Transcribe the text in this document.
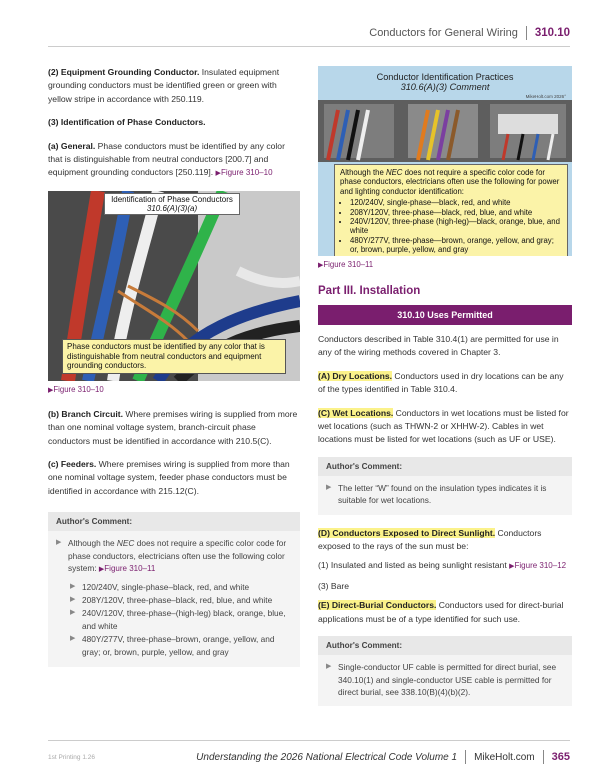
Conductors for General Wiring 310.10

(2) Equipment Grounding Conductor. Insulated equipment grounding conductors must be identified green or green with yellow stripe in accordance with 250.119.

(3) Identification of Phase Conductors.

(a) General. Phase conductors must be identified by any color that is distinguishable from neutral conductors [200.7] and equipment grounding conductors [250.119]. ▶Figure 310–10

Identification of Phase Conductors
310.6(A)(3)(a)
Phase conductors must be identified by any color that is distinguishable from neutral conductors and equipment grounding conductors.
▶Figure 310–10

(b) Branch Circuit. Where premises wiring is supplied from more than one nominal voltage system, branch-circuit phase conductors must be identified in accordance with 210.5(C).

(c) Feeders. Where premises wiring is supplied from more than one nominal voltage system, feeder phase conductors must be identified in accordance with 215.12(C).

Author's Comment:
▶ Although the NEC does not require a specific color code for phase conductors, electricians often use the following color system: ▶Figure 310–11
▶ 120/240V, single-phase–black, red, and white
▶ 208Y/120V, three-phase–black, red, blue, and white
▶ 240V/120V, three-phase–(high-leg) black, orange, blue, and white
▶ 480Y/277V, three-phase–brown, orange, yellow, and gray; or, brown, purple, yellow, and gray
Conductor Identification Practices
310.6(A)(3) Comment
MikeHolt.com 2026°
Although the NEC does not require a specific color code for phase conductors, electricians often use the following for power and lighting conductor identification:
• 120/240V, single-phase—black, red, and white
• 208Y/120V, three-phase—black, red, blue, and white
• 240V/120V, three-phase (high-leg)—black, orange, blue, and white
• 480Y/277V, three-phase—brown, orange, yellow, and gray; or, brown, purple, yellow, and gray
▶Figure 310–11
Part III. Installation
310.10 Uses Permitted

Conductors described in Table 310.4(1) are permitted for use in any of the wiring methods covered in Chapter 3.

(A) Dry Locations. Conductors used in dry locations can be any of the types identified in Table 310.4.

(C) Wet Locations. Conductors in wet locations must be listed for wet locations (such as THWN-2 or XHHW-2). Cables in wet locations must be listed for wet locations (such as UF or USE).

Author's Comment:
▶ The letter “W” found on the insulation types indicates it is suitable for wet locations.

(D) Conductors Exposed to Direct Sunlight. Conductors exposed to the rays of the sun must be:

(1) Insulated and listed as being sunlight resistant ▶Figure 310–12

(3) Bare

(E) Direct-Burial Conductors. Conductors used for direct-burial applications must be of a type identified for such use.

Author's Comment:
▶ Single-conductor UF cable is permitted for direct burial, see 340.10(1) and single-conductor USE cable is permitted for direct burial, see 338.10(B)(4)(b)(2).
1st Printing 1.26	Understanding the 2026 National Electrical Code Volume 1 MikeHolt.com 365
